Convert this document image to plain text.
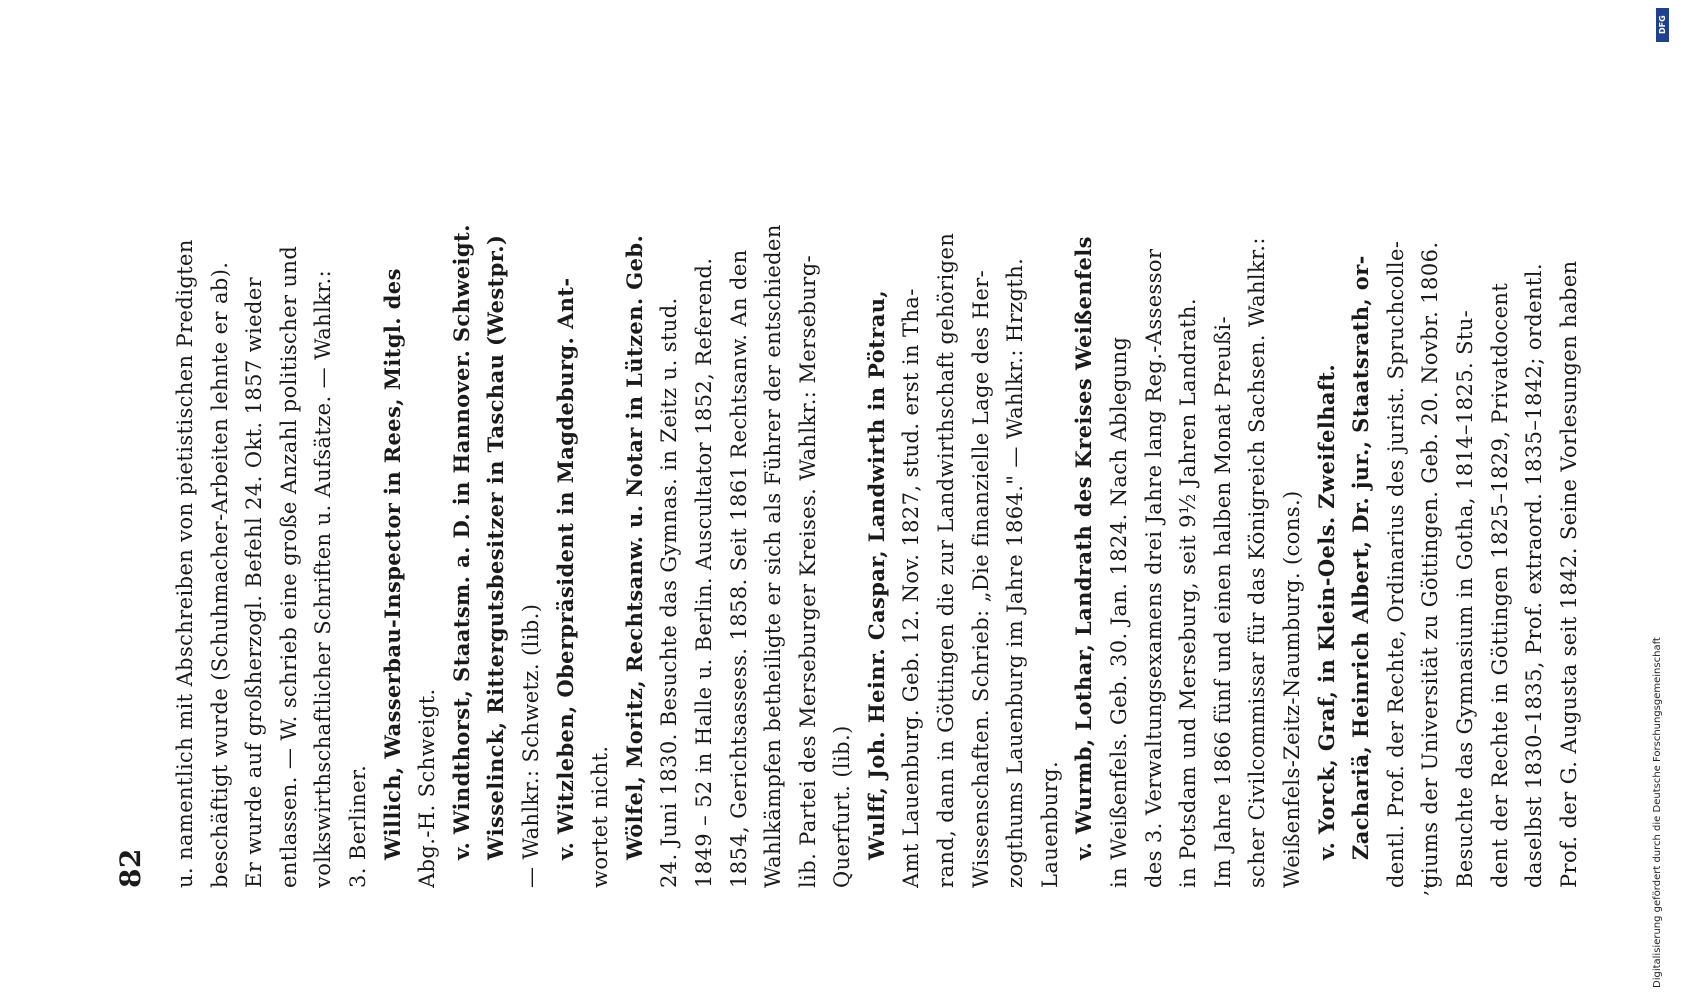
82 u. namentlich mit Abschreiben von pietistischen Predigten beschäftigt wurde (Schuhmacher-Arbeiten lehnte er ab). Er wurde auf großherzogl. Befehl 24. Okt. 1857 wieder entlassen. — W. schrieb eine große Anzahl politischer und volkswirthschaftlicher Schriften u. Aufsätze. — Wahlkr.: 3. Berliner. Willich, Wasserbau-Inspector in Rees, Mitgl. des Abg.-H. Schweigt. v. Windthorst, Staatsm. a. D. in Hannover. Schweigt. Wisselinck, Rittergutsbesitzer in Taschau (Westpr.) — Wahlkr.: Schwetz. (lib.) v. Witzleben, Oberpräsident in Magdeburg. Ant- wortet nicht. Wölfel, Moritz, Rechtsanw. u. Notar in Lützen. Geb. 24. Juni 1830. Besuchte das Gymnas. in Zeitz u. stud. 1849 – 52 in Halle u. Berlin. Auscultator 1852, Referend. 1854, Gerichtsassess. 1858. Seit 1861 Rechtsanw. An den Wahlkämpfen betheiligte er sich als Führer der entschieden lib. Partei des Merseburger Kreises. Wahlkr.: Merseburg- Querfurt. (lib.) Wulff, Joh. Heinr. Caspar, Landwirth in Pötrau, Amt Lauenburg. Geb. 12. Nov. 1827, stud. erst in Tha- rand, dann in Göttingen die zur Landwirthschaft gehörigen Wissenschaften. Schrieb: „Die finanzielle Lage des Her- zogthums Lauenburg im Jahre 1864." — Wahlkr.: Hrzgth. Lauenburg. v. Wurmb, Lothar, Landrath des Kreises Weißenfels in Weißenfels. Geb. 30. Jan. 1824. Nach Ablegung des 3. Verwaltungsexamens drei Jahre lang Reg.-Assessor in Potsdam und Merseburg, seit 9½ Jahren Landrath. Im Jahre 1866 fünf und einen halben Monat Preußi- scher Civilcommissar für das Königreich Sachsen. Wahlkr.: Weißenfels-Zeitz-Naumburg. (cons.) v. Yorck, Graf, in Klein-Oels. Zweifelhaft. Zachariä, Heinrich Albert, Dr. jur., Staatsrath, or- dentl. Prof. der Rechte, Ordinarius des jurist. Spruchcolle- giums der Universität zu Göttingen. Geb. 20. Novbr. 1806. Besuchte das Gymnasium in Gotha, 1814–1825. Stu- dent der Rechte in Göttingen 1825–1829, Privatdocent daselbst 1830–1835, Prof. extraord. 1835–1842; ordentl. Prof. der G. Augusta seit 1842. Seine Vorlesungen haben
,,
DFG
Digitalisierung gefördert durch die Deutsche Forschungsgemeinschaft
